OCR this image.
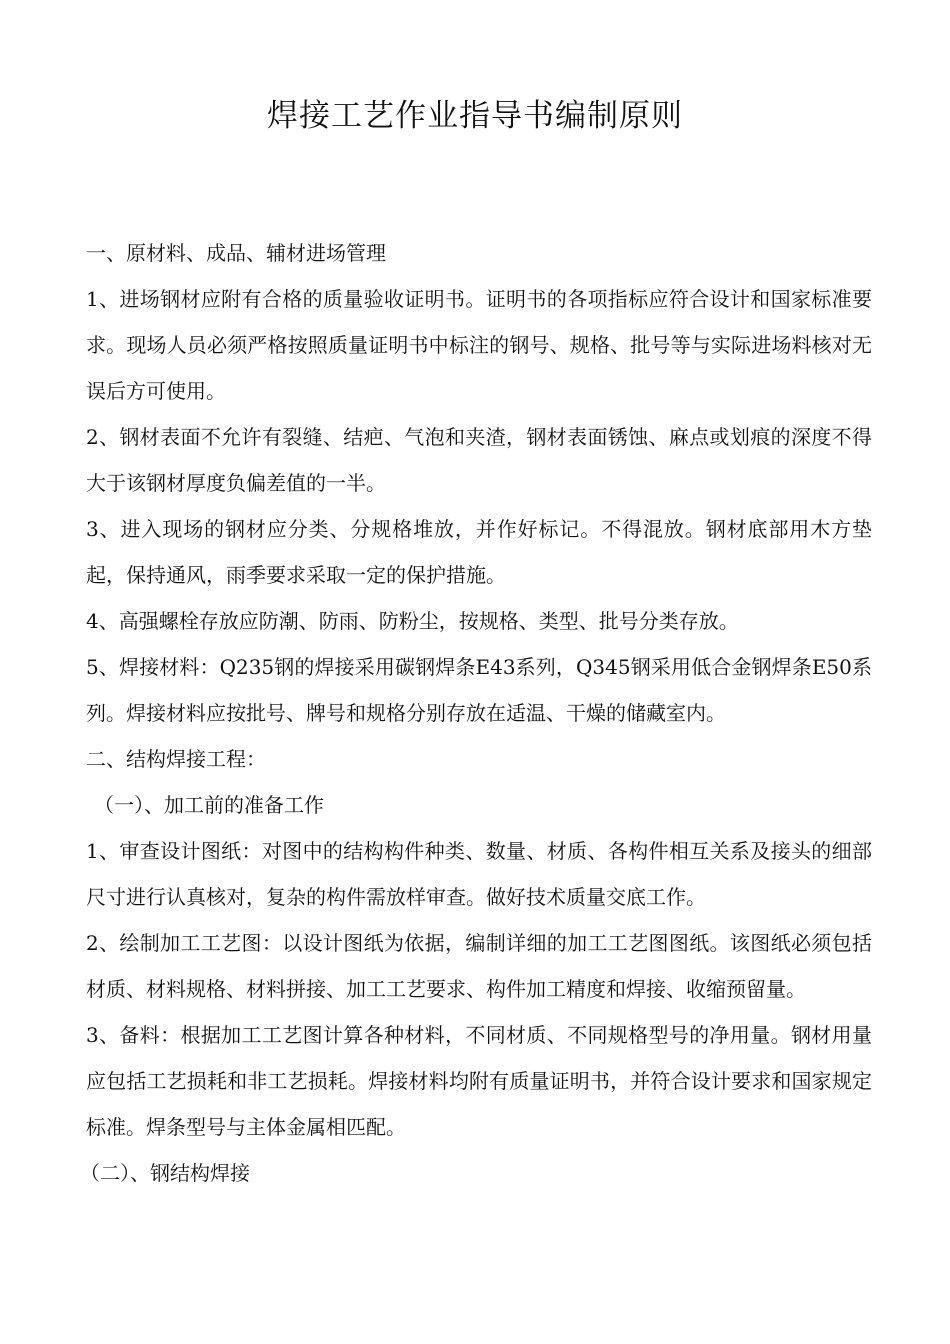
焊接工艺作业指导书编制原则

一、原材料、成品、辅材进场管理

1、进场钢材应附有合格的质量验收证明书。证明书的各项指标应符合设计和国家标准要求。现场人员必须严格按照质量证明书中标注的钢号、规格、批号等与实际进场料核对无误后方可使用。

2、钢材表面不允许有裂缝、结疤、气泡和夹渣，钢材表面锈蚀、麻点或划痕的深度不得大于该钢材厚度负偏差值的一半。

3、进入现场的钢材应分类、分规格堆放，并作好标记。不得混放。钢材底部用木方垫起，保持通风，雨季要求采取一定的保护措施。

4、高强螺栓存放应防潮、防雨、防粉尘，按规格、类型、批号分类存放。

5、焊接材料：Q235钢的焊接采用碳钢焊条E43系列，Q345钢采用低合金钢焊条E50系列。焊接材料应按批号、牌号和规格分别存放在适温、干燥的储藏室内。

二、结构焊接工程：

（一）、加工前的准备工作

1、审查设计图纸：对图中的结构构件种类、数量、材质、各构件相互关系及接头的细部尺寸进行认真核对，复杂的构件需放样审查。做好技术质量交底工作。

2、绘制加工工艺图：以设计图纸为依据，编制详细的加工工艺图图纸。该图纸必须包括材质、材料规格、材料拼接、加工工艺要求、构件加工精度和焊接、收缩预留量。

3、备料：根据加工工艺图计算各种材料，不同材质、不同规格型号的净用量。钢材用量应包括工艺损耗和非工艺损耗。焊接材料均附有质量证明书，并符合设计要求和国家规定标准。焊条型号与主体金属相匹配。

（二）、钢结构焊接
